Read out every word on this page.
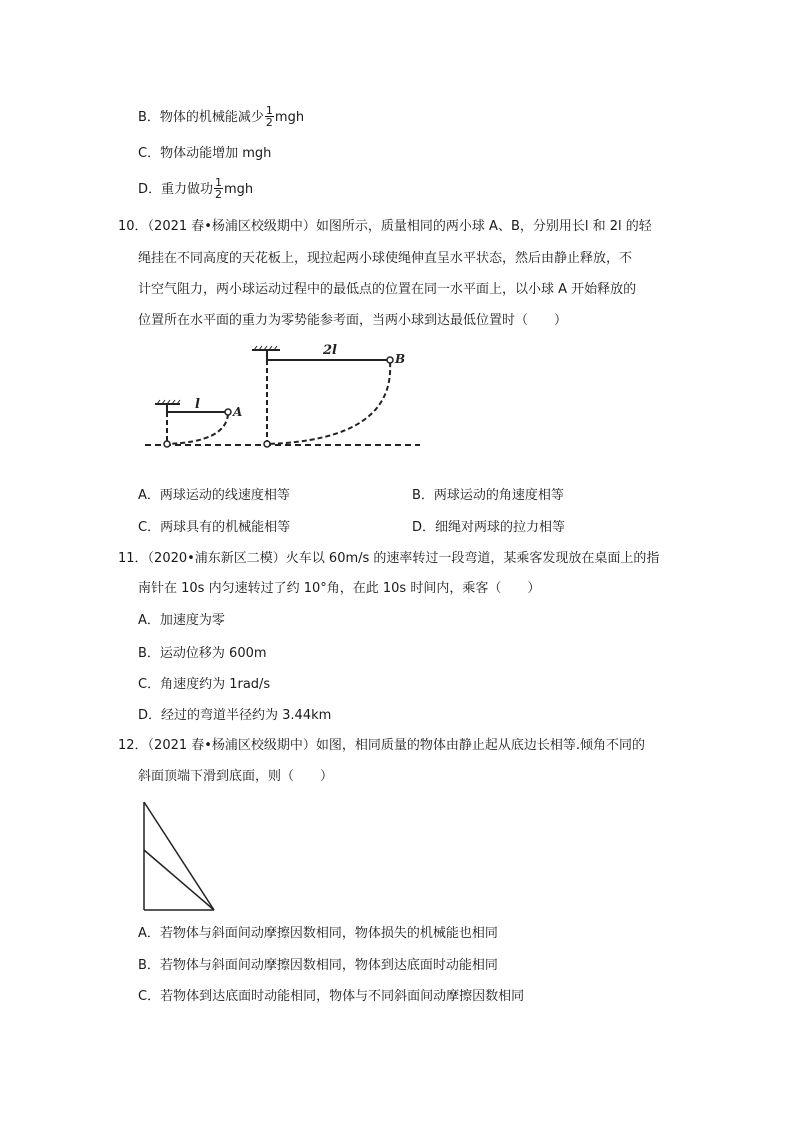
B．物体的机械能减少 $\frac{1}{2}$ mgh
C．物体动能增加 mgh
D．重力做功 $\frac{1}{2}$ mgh
10．（2021 春•杨浦区校级期中）如图所示，质量相同的两小球 A、B，分别用长l 和 2l 的轻
绳挂在不同高度的天花板上，现拉起两小球使绳伸直呈水平状态，然后由静止释放，不
计空气阻力，两小球运动过程中的最低点的位置在同一水平面上，以小球 A 开始释放的
位置所在水平面的重力为零势能参考面，当两小球到达最低位置时（　　）
l	A
2l
B
A．两球运动的线速度相等	B．两球运动的角速度相等
C．两球具有的机械能相等	D．细绳对两球的拉力相等
11．（2020•浦东新区二模）火车以 60m/s 的速率转过一段弯道，某乘客发现放在桌面上的指
南针在 10s 内匀速转过了约 10°角，在此 10s 时间内，乘客（　　）
A．加速度为零
B．运动位移为 600m
C．角速度约为 1rad/s
D．经过的弯道半径约为 3.44km
12．（2021 春•杨浦区校级期中）如图，相同质量的物体由静止起从底边长相等.倾角不同的
斜面顶端下滑到底面，则（　　）
A．若物体与斜面间动摩擦因数相同，物体损失的机械能也相同
B．若物体与斜面间动摩擦因数相同，物体到达底面时动能相同
C．若物体到达底面时动能相同，物体与不同斜面间动摩擦因数相同
